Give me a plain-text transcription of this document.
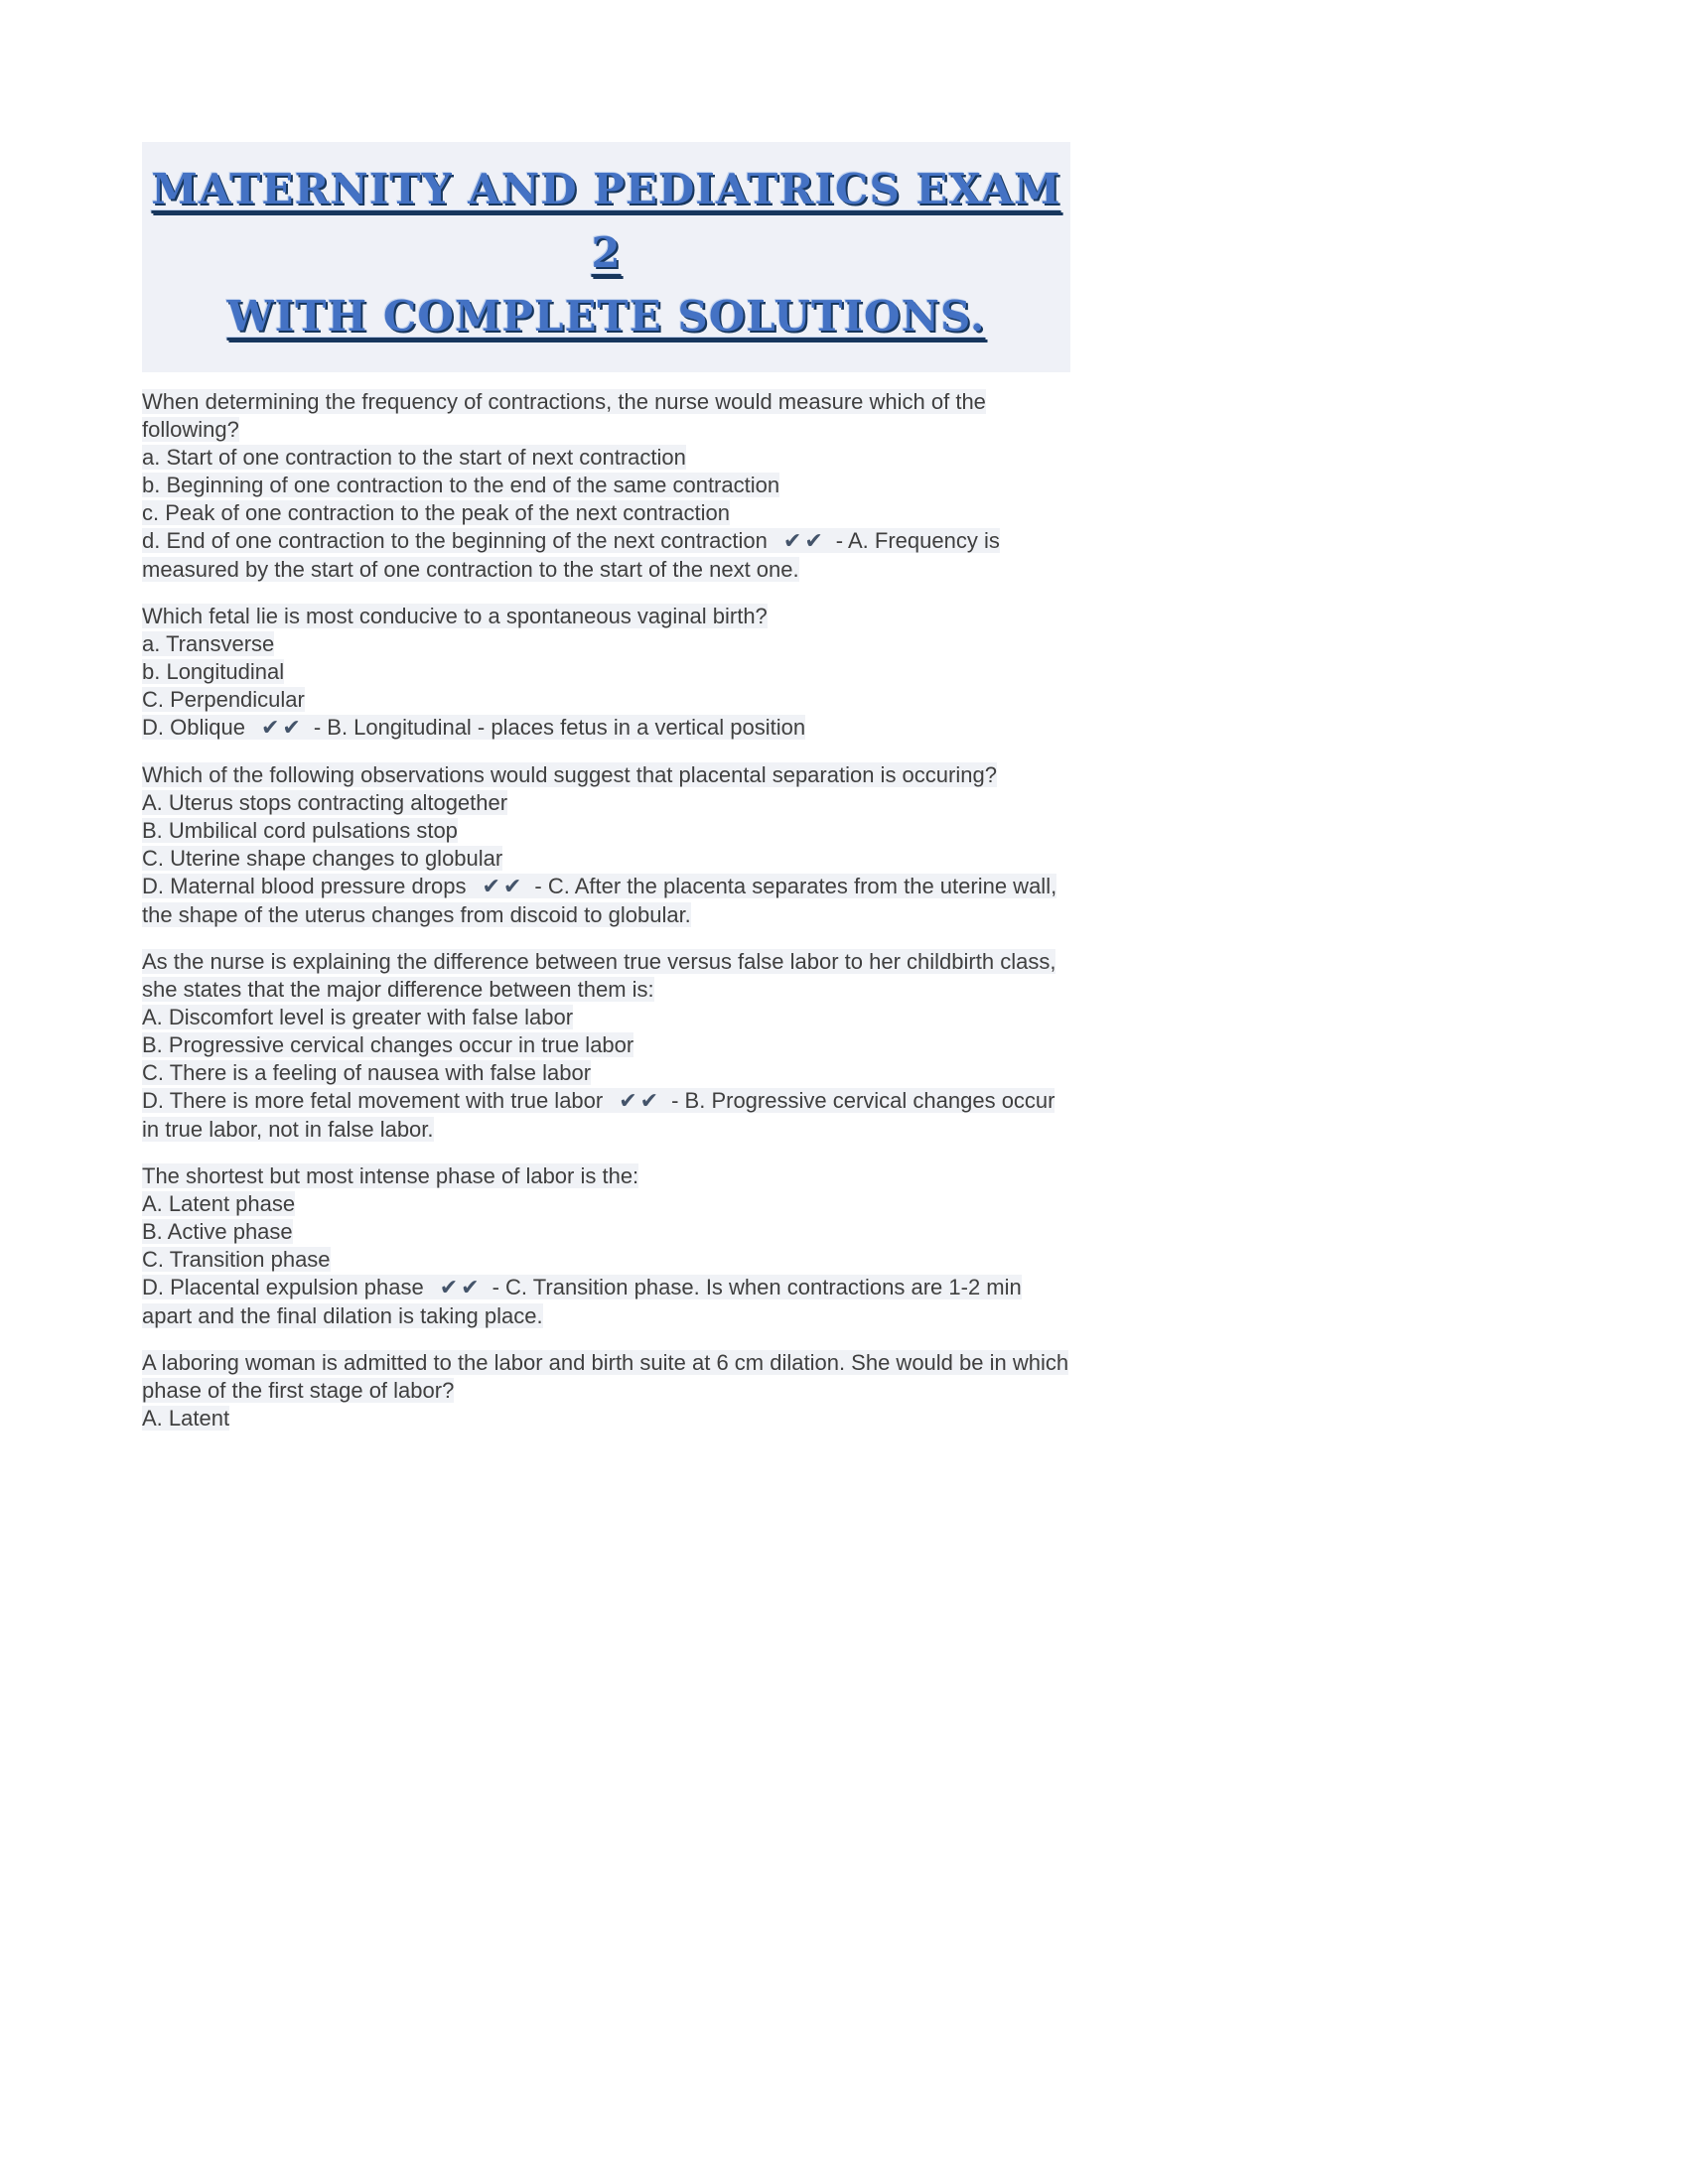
MATERNITY AND PEDIATRICS EXAM 2
WITH COMPLETE SOLUTIONS.

When determining the frequency of contractions, the nurse would measure which of the following?
a. Start of one contraction to the start of next contraction
b. Beginning of one contraction to the end of the same contraction
c. Peak of one contraction to the peak of the next contraction
d. End of one contraction to the beginning of the next contraction ✔✔ - A. Frequency is measured by the start of one contraction to the start of the next one.

Which fetal lie is most conducive to a spontaneous vaginal birth?
a. Transverse
b. Longitudinal
C. Perpendicular
D. Oblique ✔✔ - B. Longitudinal - places fetus in a vertical position

Which of the following observations would suggest that placental separation is occuring?
A. Uterus stops contracting altogether
B. Umbilical cord pulsations stop
C. Uterine shape changes to globular
D. Maternal blood pressure drops ✔✔ - C. After the placenta separates from the uterine wall, the shape of the uterus changes from discoid to globular.

As the nurse is explaining the difference between true versus false labor to her childbirth class, she states that the major difference between them is:
A. Discomfort level is greater with false labor
B. Progressive cervical changes occur in true labor
C. There is a feeling of nausea with false labor
D. There is more fetal movement with true labor ✔✔ - B. Progressive cervical changes occur in true labor, not in false labor.

The shortest but most intense phase of labor is the:
A. Latent phase
B. Active phase
C. Transition phase
D. Placental expulsion phase ✔✔ - C. Transition phase. Is when contractions are 1-2 min apart and the final dilation is taking place.

A laboring woman is admitted to the labor and birth suite at 6 cm dilation. She would be in which phase of the first stage of labor?
A. Latent
